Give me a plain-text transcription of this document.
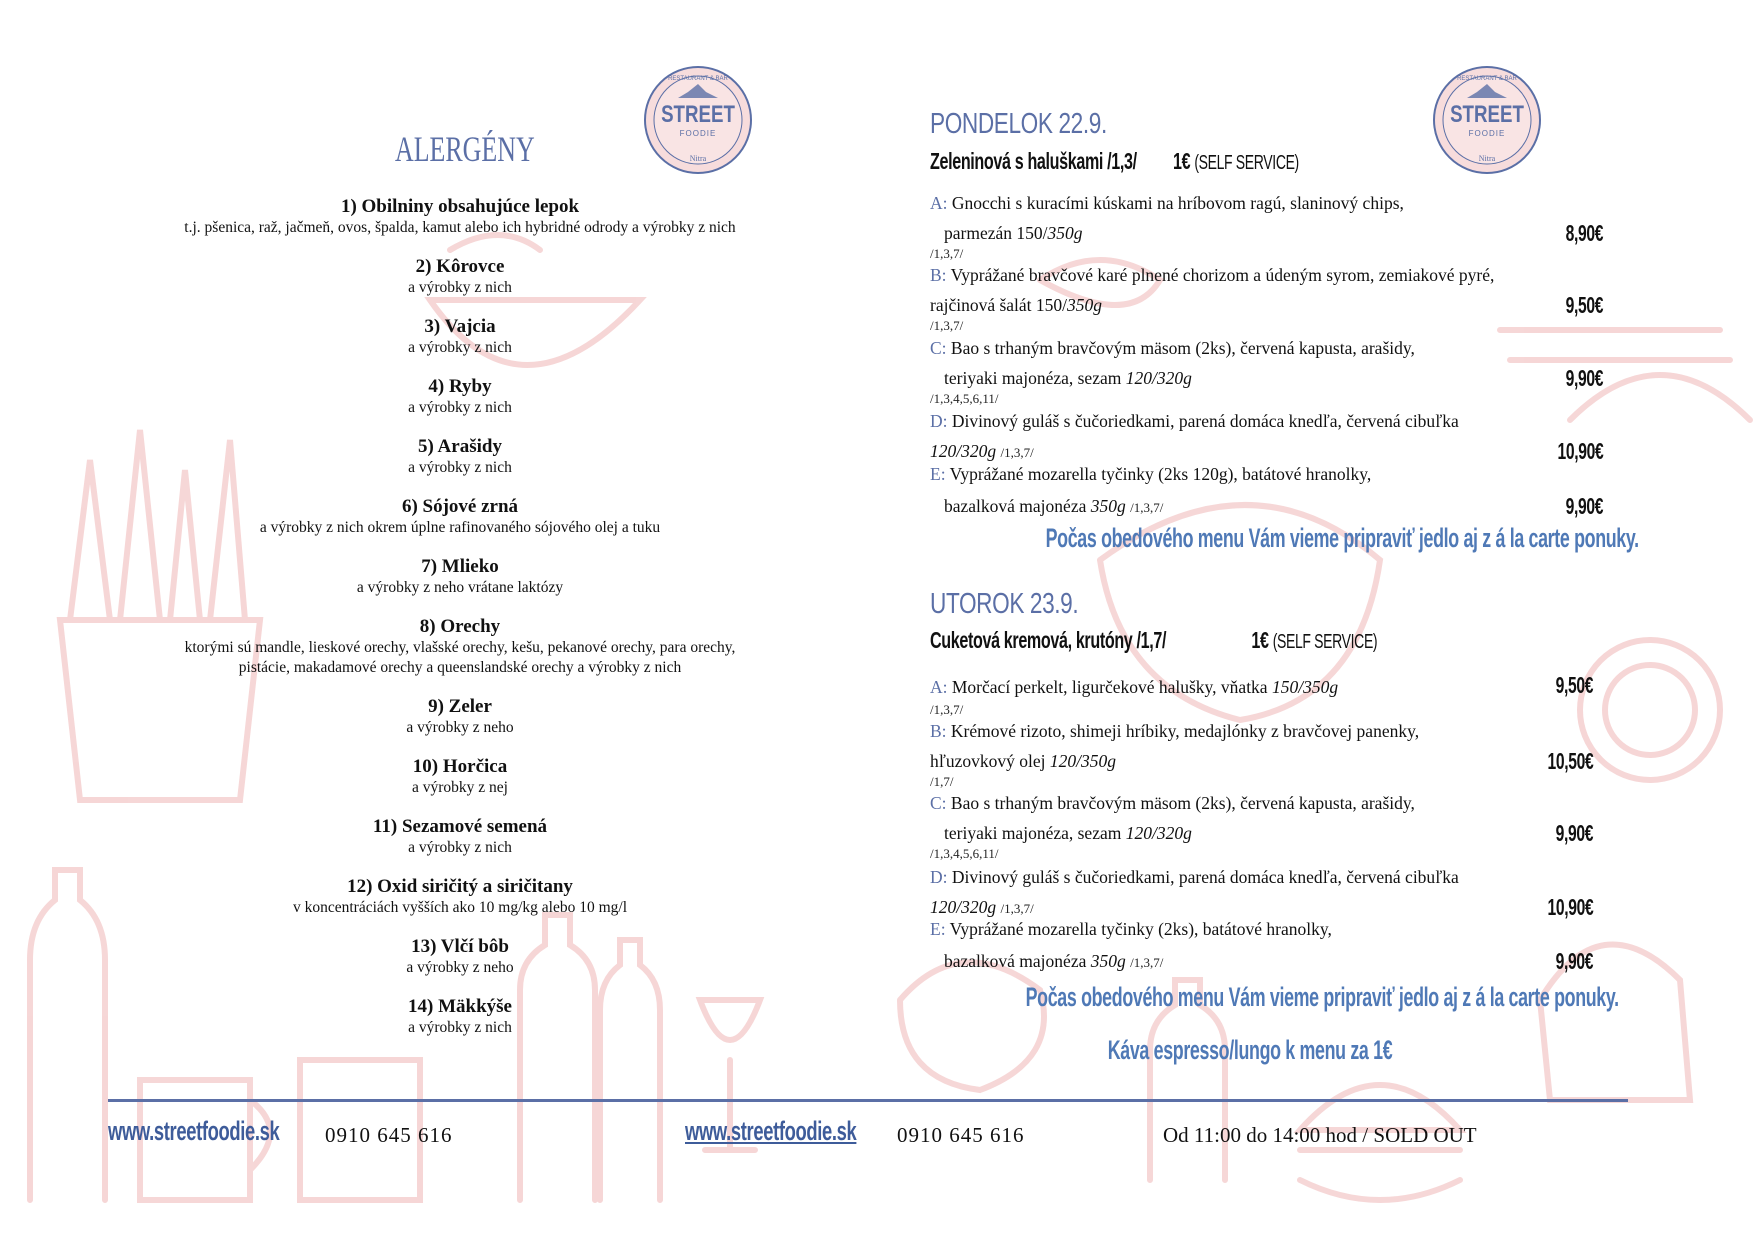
ALERGÉNY
1) Obilniny obsahujúce lepok
t.j. pšenica, raž, jačmeň, ovos, špalda, kamut alebo ich hybridné odrody a výrobky z nich
2) Kôrovce
a výrobky z nich
3) Vajcia
a výrobky z nich
4) Ryby
a výrobky z nich
5) Arašidy
a výrobky z nich
6) Sójové zrná
a výrobky z nich okrem úplne rafinovaného sójového olej a tuku
7) Mlieko
a výrobky z neho vrátane laktózy
8) Orechy
ktorými sú mandle, lieskové orechy, vlašské orechy, kešu, pekanové orechy, para orechy,
pistácie, makadamové orechy a queenslandské orechy a výrobky z nich
9) Zeler
a výrobky z neho
10) Horčica
a výrobky z nej
11) Sezamové semená
a výrobky z nich
12) Oxid siričitý a siričitany
v koncentráciách vyšších ako 10 mg/kg alebo 10 mg/l
13) Vlčí bôb
a výrobky z neho
14) Mäkkýše
a výrobky z nich
RESTAURANT & BAR
STREET
FOODIE
Nitra
RESTAURANT & BAR
STREET
FOODIE
Nitra
PONDELOK 22.9.
Zeleninová s haluškami /1,3/ 1€ (SELF SERVICE)
A: Gnocchi s kuracími kúskami na hríbovom ragú, slaninový chips,
parmezán 150/350g
/1,3,7/
8,90€
B: Vyprážané bravčové karé plnené chorizom a údeným syrom, zemiakové pyré,
rajčinová šalát 150/350g
/1,3,7/
9,50€
C: Bao s trhaným bravčovým mäsom (2ks), červená kapusta, arašidy,
teriyaki majonéza, sezam 120/320g
/1,3,4,5,6,11/
9,90€
D: Divinový guláš s čučoriedkami, parená domáca knedľa, červená cibuľka
120/320g /1,3,7/	10,90€
E: Vyprážané mozarella tyčinky (2ks 120g), batátové hranolky,
bazalková majonéza 350g /1,3,7/	9,90€
Počas obedového menu Vám vieme pripraviť jedlo aj z á la carte ponuky.
UTOROK 23.9.
Cuketová kremová, krutóny /1,7/	1€ (SELF SERVICE)
A: Morčací perkelt, ligurčekové halušky, vňatka 150/350g
/1,3,7/
9,50€
B: Krémové rizoto, shimeji hríbiky, medajlónky z bravčovej panenky,
hľuzovkový olej 120/350g
/1,7/
10,50€
C: Bao s trhaným bravčovým mäsom (2ks), červená kapusta, arašidy,
teriyaki majonéza, sezam 120/320g
/1,3,4,5,6,11/
9,90€
D: Divinový guláš s čučoriedkami, parená domáca knedľa, červená cibuľka
120/320g /1,3,7/	10,90€
E: Vyprážané mozarella tyčinky (2ks), batátové hranolky,
bazalková majonéza 350g /1,3,7/	9,90€
Počas obedového menu Vám vieme pripraviť jedlo aj z á la carte ponuky.
Káva espresso/lungo k menu za 1€
www.streetfoodie.sk 0910 645 616	www.streetfoodie.sk 0910 645 616	Od 11:00 do 14:00 hod / SOLD OUT
